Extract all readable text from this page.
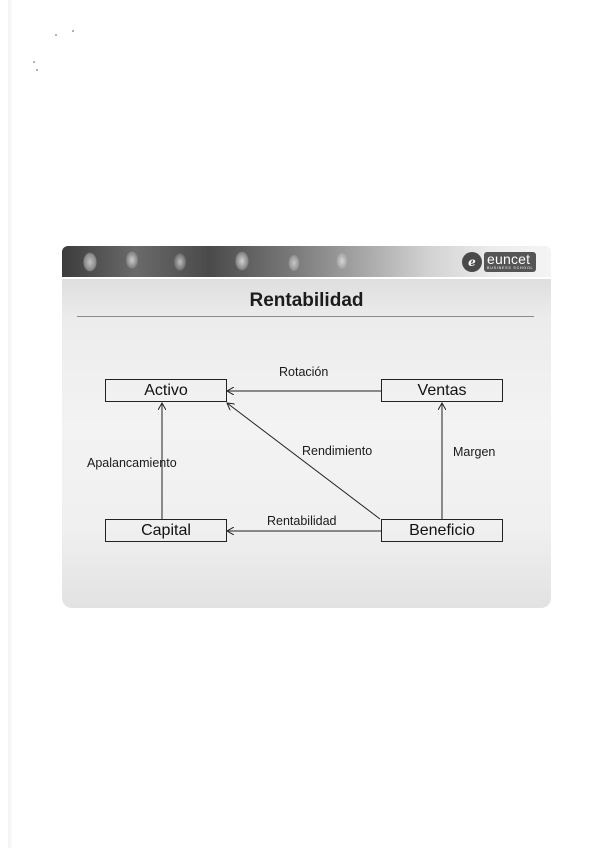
e euncet
BUSINESS SCHOOL
Rentabilidad
Activo	Ventas
Capital	Beneficio
Rotación
Rendimiento	Margen
Apalancamiento
Rentabilidad
